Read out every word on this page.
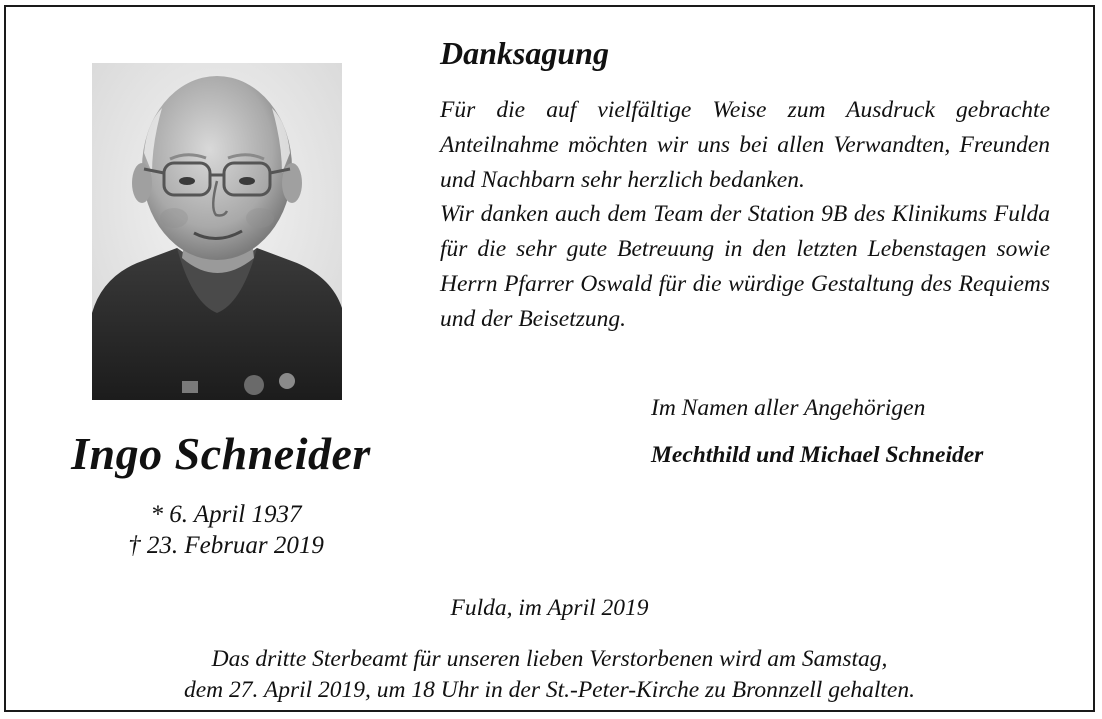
Ingo Schneider
* 6. April 1937
† 23. Februar 2019
Danksagung
Für die auf vielfältige Weise zum Ausdruck gebrachte Anteilnahme möchten wir uns bei allen Verwandten, Freunden und Nachbarn sehr herzlich bedanken.
Wir danken auch dem Team der Station 9B des Klinikums Fulda für die sehr gute Betreuung in den letzten Lebenstagen sowie Herrn Pfarrer Oswald für die würdige Gestaltung des Requiems und der Beisetzung.
Im Namen aller Angehörigen
Mechthild und Michael Schneider
Fulda, im April 2019
Das dritte Sterbeamt für unseren lieben Verstorbenen wird am Samstag,
dem 27. April 2019, um 18 Uhr in der St.-Peter-Kirche zu Bronnzell gehalten.
